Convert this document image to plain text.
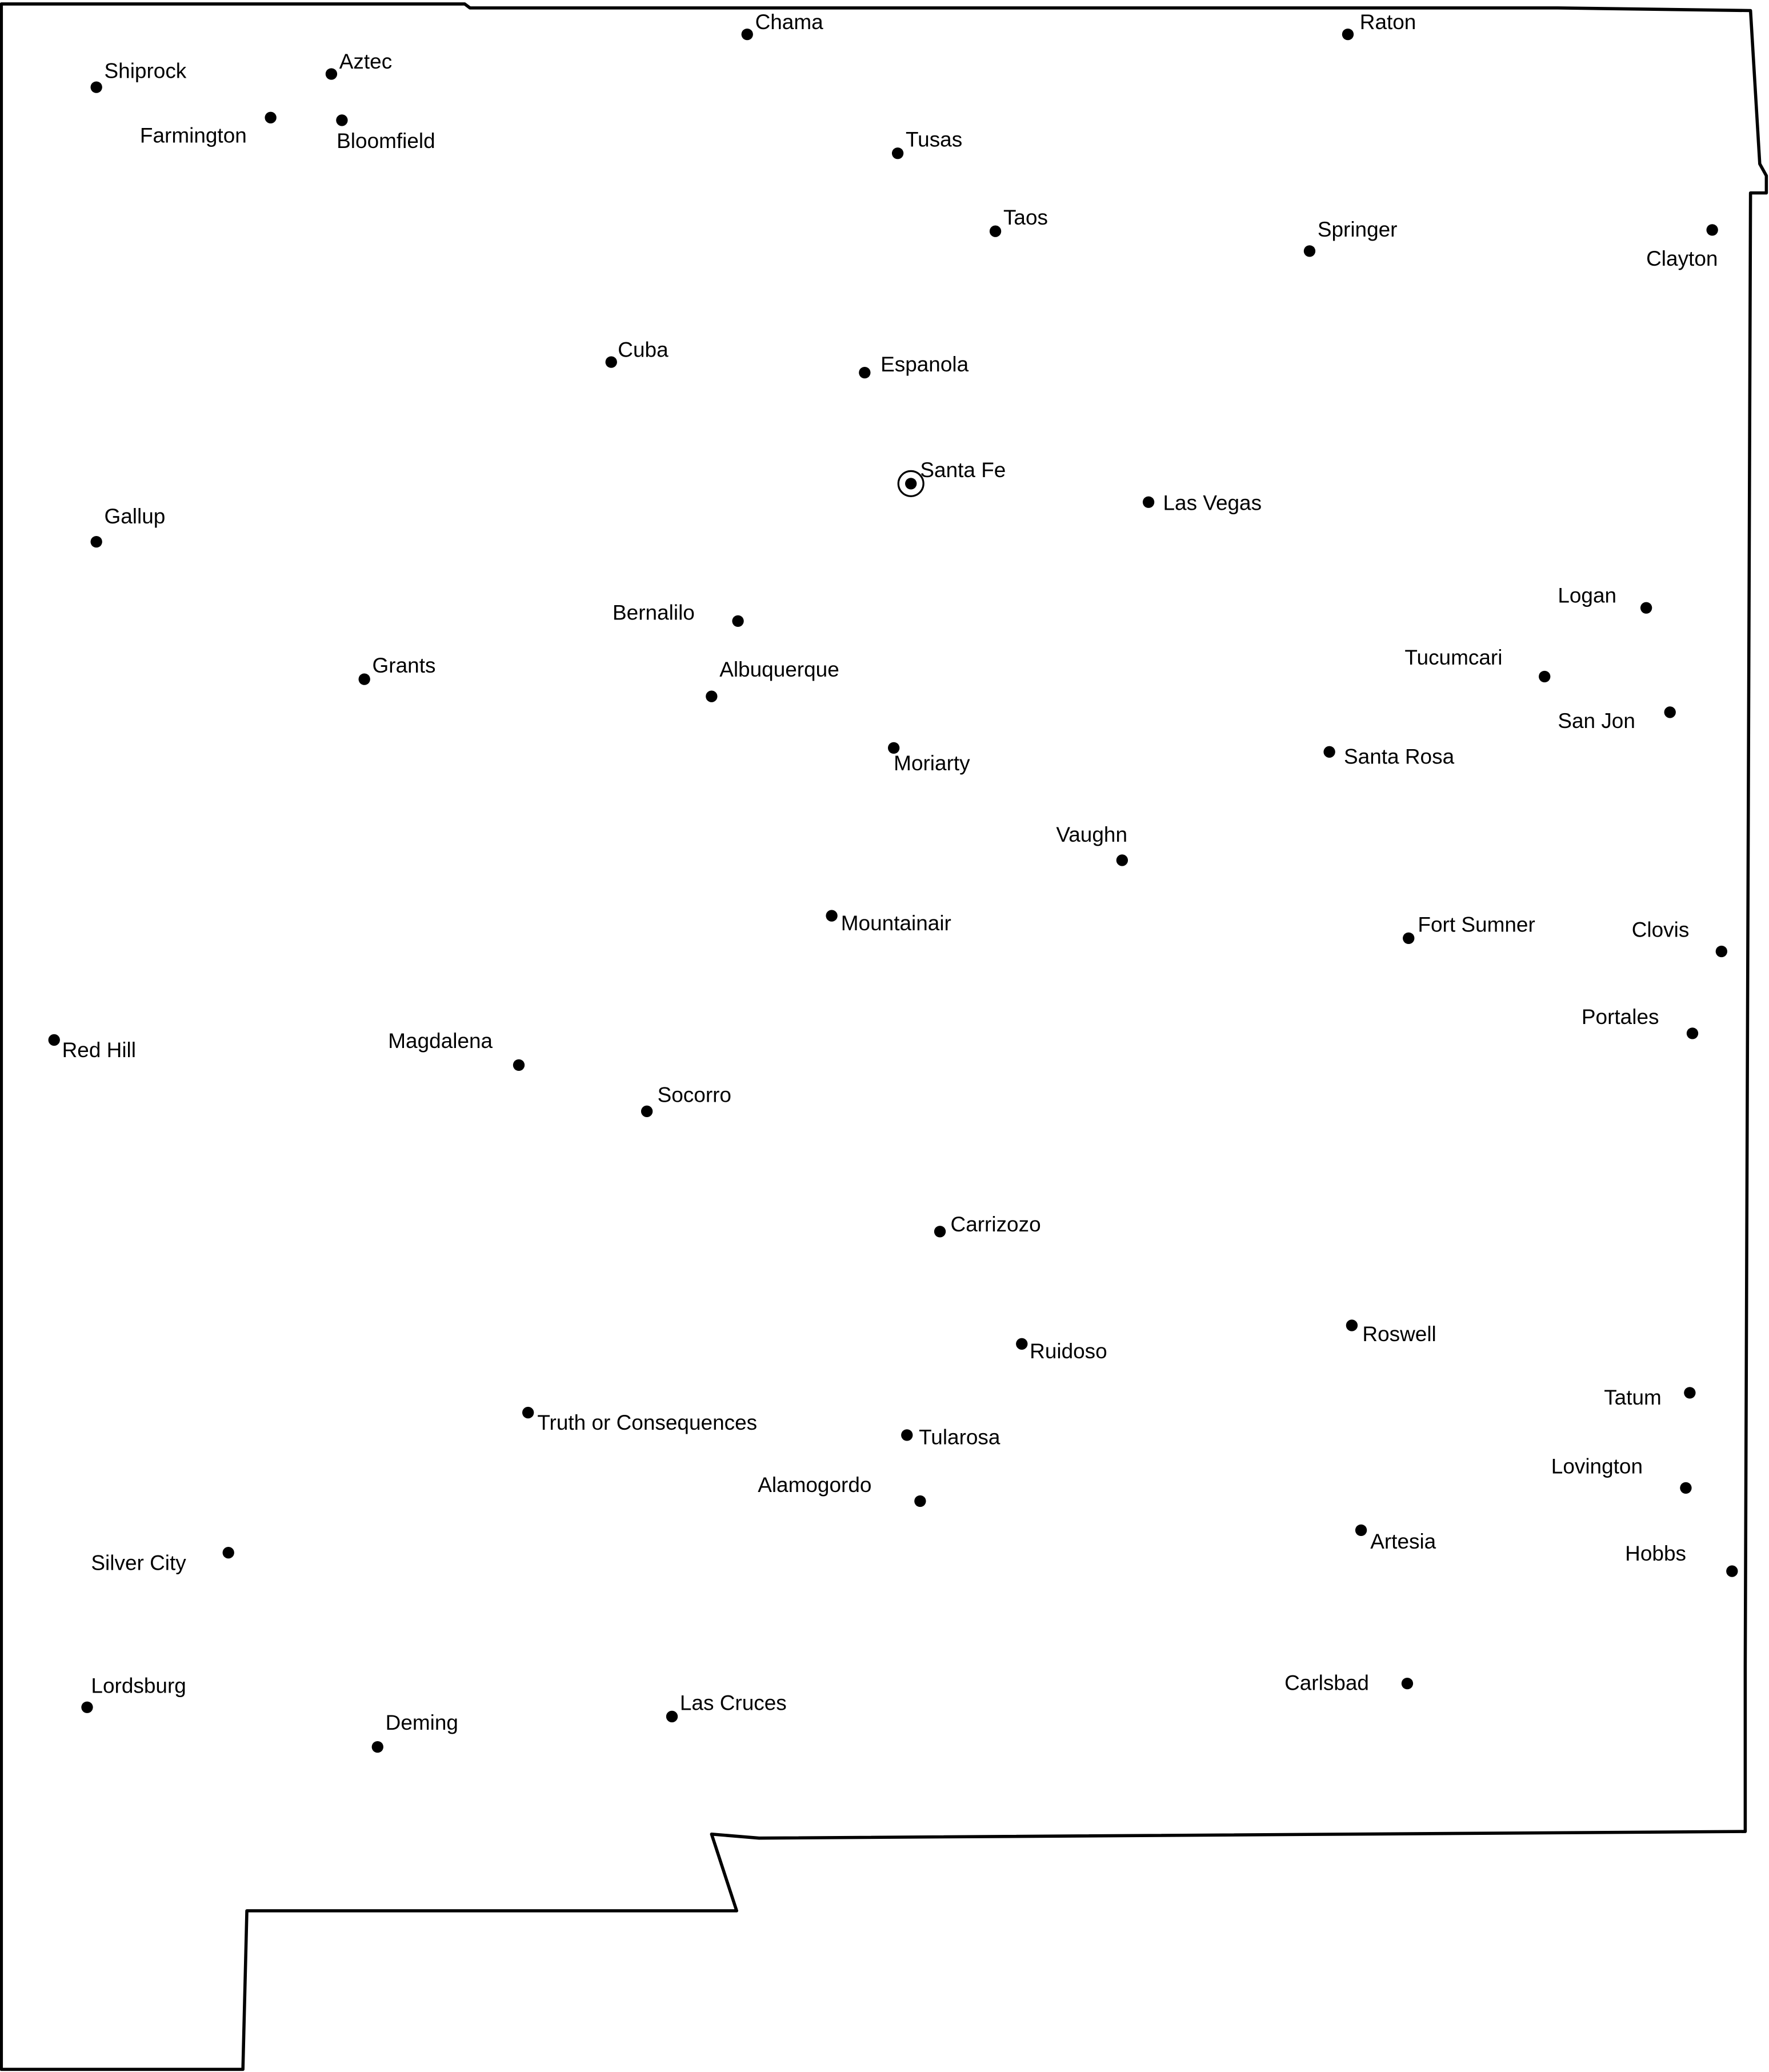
Shiprock	Aztec
Farmington	Bloomfield
Chama	Raton
Tusas
Taos
Springer
Clayton
Cuba
Espanola
Santa Fe
Las Vegas
Gallup
Bernalilo
Logan
Grants	Albuquerque
Tucumcari
San Jon
Moriarty	Santa Rosa
Vaughn
Mountainair	Fort Sumner	Clovis
Portales
Red Hill	Magdalena
Socorro
Carrizozo
Roswell
Ruidoso
Tatum
Truth or Consequences
Tularosa
Alamogordo
Lovington
Silver City
Artesia
Hobbs
Lordsburg
Las Cruces
Carlsbad
Deming
